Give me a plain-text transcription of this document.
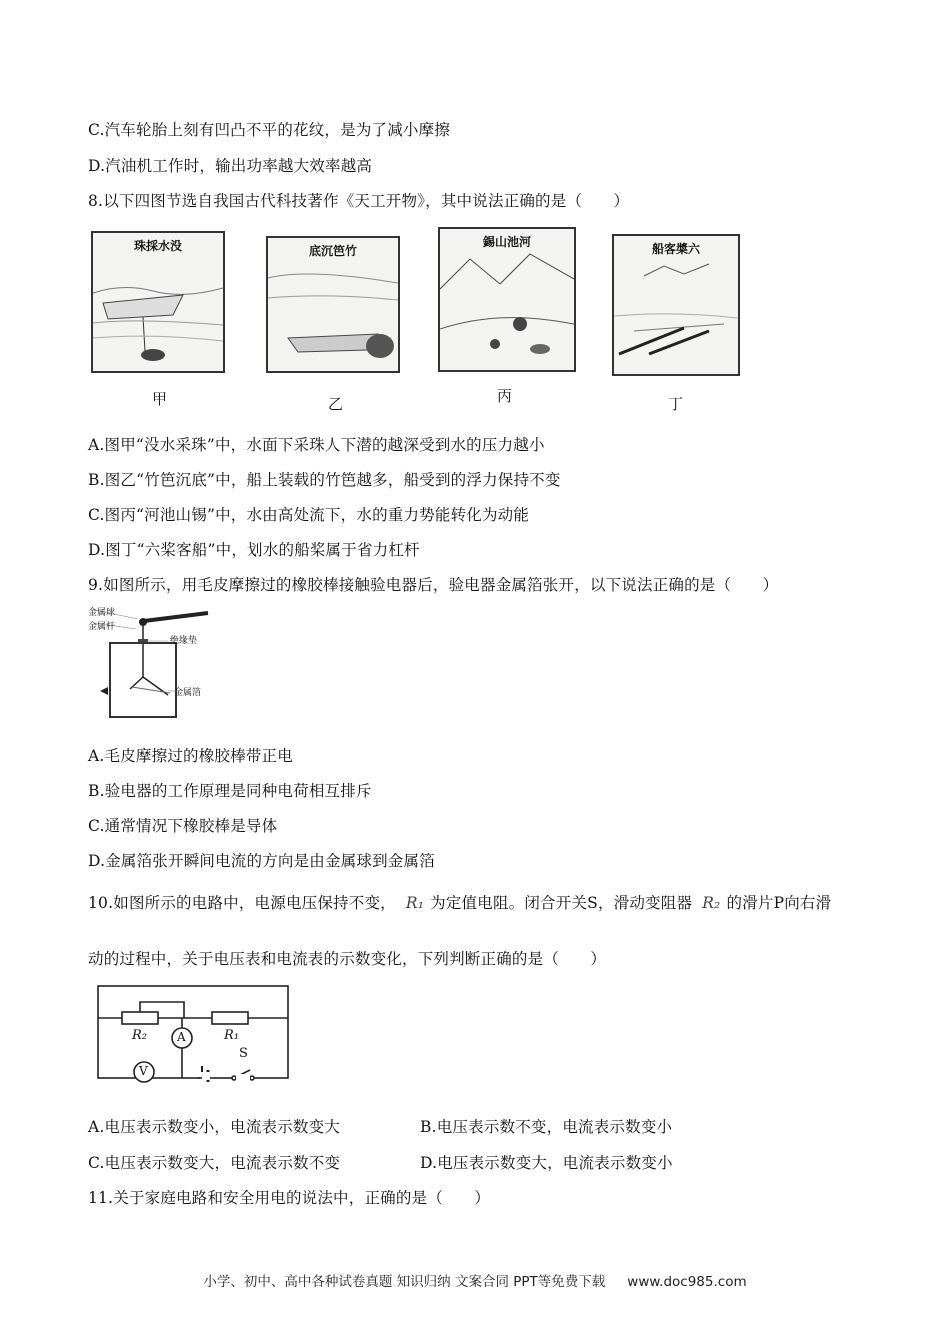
C.汽车轮胎上刻有凹凸不平的花纹，是为了减小摩擦
D.汽油机工作时，输出功率越大效率越高
8.以下四图节选自我国古代科技著作《天工开物》，其中说法正确的是（　　）
珠採水没
甲
底沉笆竹
乙
錫山池河
丙
船客槳六
丁
A.图甲“没水采珠”中，水面下采珠人下潜的越深受到水的压力越小
B.图乙“竹笆沉底”中，船上装载的竹笆越多，船受到的浮力保持不变
C.图丙“河池山锡”中，水由高处流下，水的重力势能转化为动能
D.图丁“六桨客船”中，划水的船桨属于省力杠杆
9.如图所示，用毛皮摩擦过的橡胶棒接触验电器后，验电器金属箔张开，以下说法正确的是（　　）
金属球
金属杆
绝缘垫
金属箔
A.毛皮摩擦过的橡胶棒带正电
B.验电器的工作原理是同种电荷相互排斥
C.通常情况下橡胶棒是导体
D.金属箔张开瞬间电流的方向是由金属球到金属箔
10.如图所示的电路中，电源电压保持不变， R₁ 为定值电阻。闭合开关S，滑动变阻器 R₂ 的滑片P向右滑
动的过程中，关于电压表和电流表的示数变化，下列判断正确的是（　　）
R₂	R₁
A
V
S
A.电压表示数变小，电流表示数变大	B.电压表示数不变，电流表示数变小
C.电压表示数变大，电流表示数不变	D.电压表示数变大，电流表示数变小
11.关于家庭电路和安全用电的说法中，正确的是（　　）
小学、初中、高中各种试卷真题 知识归纳 文案合同 PPT等免费下载 www.doc985.com
